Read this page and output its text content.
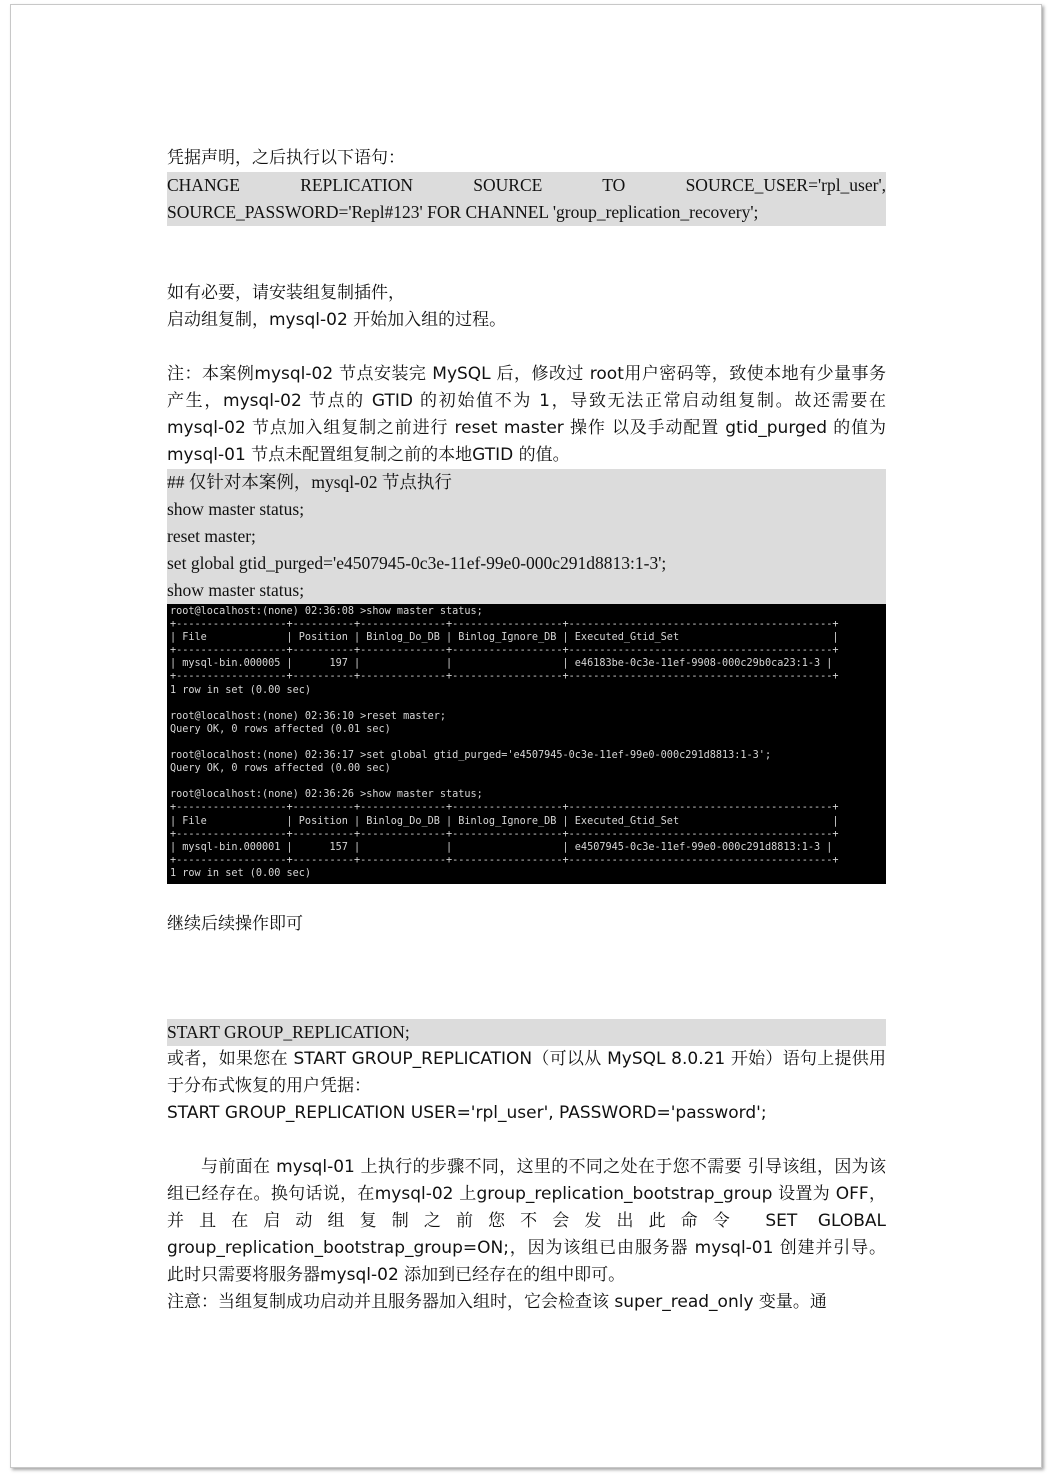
凭据声明，之后执行以下语句：

CHANGE REPLICATION SOURCE TO SOURCE_USER='rpl_user',

SOURCE_PASSWORD='Repl#123' FOR CHANNEL 'group_replication_recovery';

如有必要，请安装组复制插件，

启动组复制，mysql-02 开始加入组的过程。

注：本案例mysql-02 节点安装完 MySQL 后，修改过 root用户密码等，致使本地有少量事务产生，mysql-02 节点的 GTID 的初始值不为 1，导致无法正常启动组复制。故还需要在 mysql-02 节点加入组复制之前进行 reset master 操作 以及手动配置 gtid_purged 的值为mysql-01 节点未配置组复制之前的本地GTID 的值。

## 仅针对本案例，mysql-02 节点执行

show master status;

reset master;

set global gtid_purged='e4507945-0c3e-11ef-99e0-000c291d8813:1-3';

show master status;

root@localhost:(none) 02:36:08 >show master status;
+------------------+----------+--------------+------------------+-------------------------------------------+
| File             | Position | Binlog_Do_DB | Binlog_Ignore_DB | Executed_Gtid_Set                         |
+------------------+----------+--------------+------------------+-------------------------------------------+
| mysql-bin.000005 |      197 |              |                  | e46183be-0c3e-11ef-9908-000c29b0ca23:1-3 |
+------------------+----------+--------------+------------------+-------------------------------------------+
1 row in set (0.00 sec)

root@localhost:(none) 02:36:10 >reset master;
Query OK, 0 rows affected (0.01 sec)

root@localhost:(none) 02:36:17 >set global gtid_purged='e4507945-0c3e-11ef-99e0-000c291d8813:1-3';
Query OK, 0 rows affected (0.00 sec)

root@localhost:(none) 02:36:26 >show master status;
+------------------+----------+--------------+------------------+-------------------------------------------+
| File             | Position | Binlog_Do_DB | Binlog_Ignore_DB | Executed_Gtid_Set                         |
+------------------+----------+--------------+------------------+-------------------------------------------+
| mysql-bin.000001 |      157 |              |                  | e4507945-0c3e-11ef-99e0-000c291d8813:1-3 |
+------------------+----------+--------------+------------------+-------------------------------------------+
1 row in set (0.00 sec)

继续后续操作即可

START GROUP_REPLICATION;

或者，如果您在 START GROUP_REPLICATION（可以从 MySQL 8.0.21 开始）语句上提供用于分布式恢复的用户凭据：

START GROUP_REPLICATION USER='rpl_user', PASSWORD='password';

与前面在 mysql-01 上执行的步骤不同，这里的不同之处在于您不需要 引导该组，因为该组已经存在。换句话说，在mysql-02 上group_replication_bootstrap_group 设置为 OFF，并且在启动组复制之前您不会发出此命令 SET GLOBAL group_replication_bootstrap_group=ON;，因为该组已由服务器 mysql-01 创建并引导。此时只需要将服务器mysql-02 添加到已经存在的组中即可。

注意：当组复制成功启动并且服务器加入组时，它会检查该 super_read_only 变量。通
